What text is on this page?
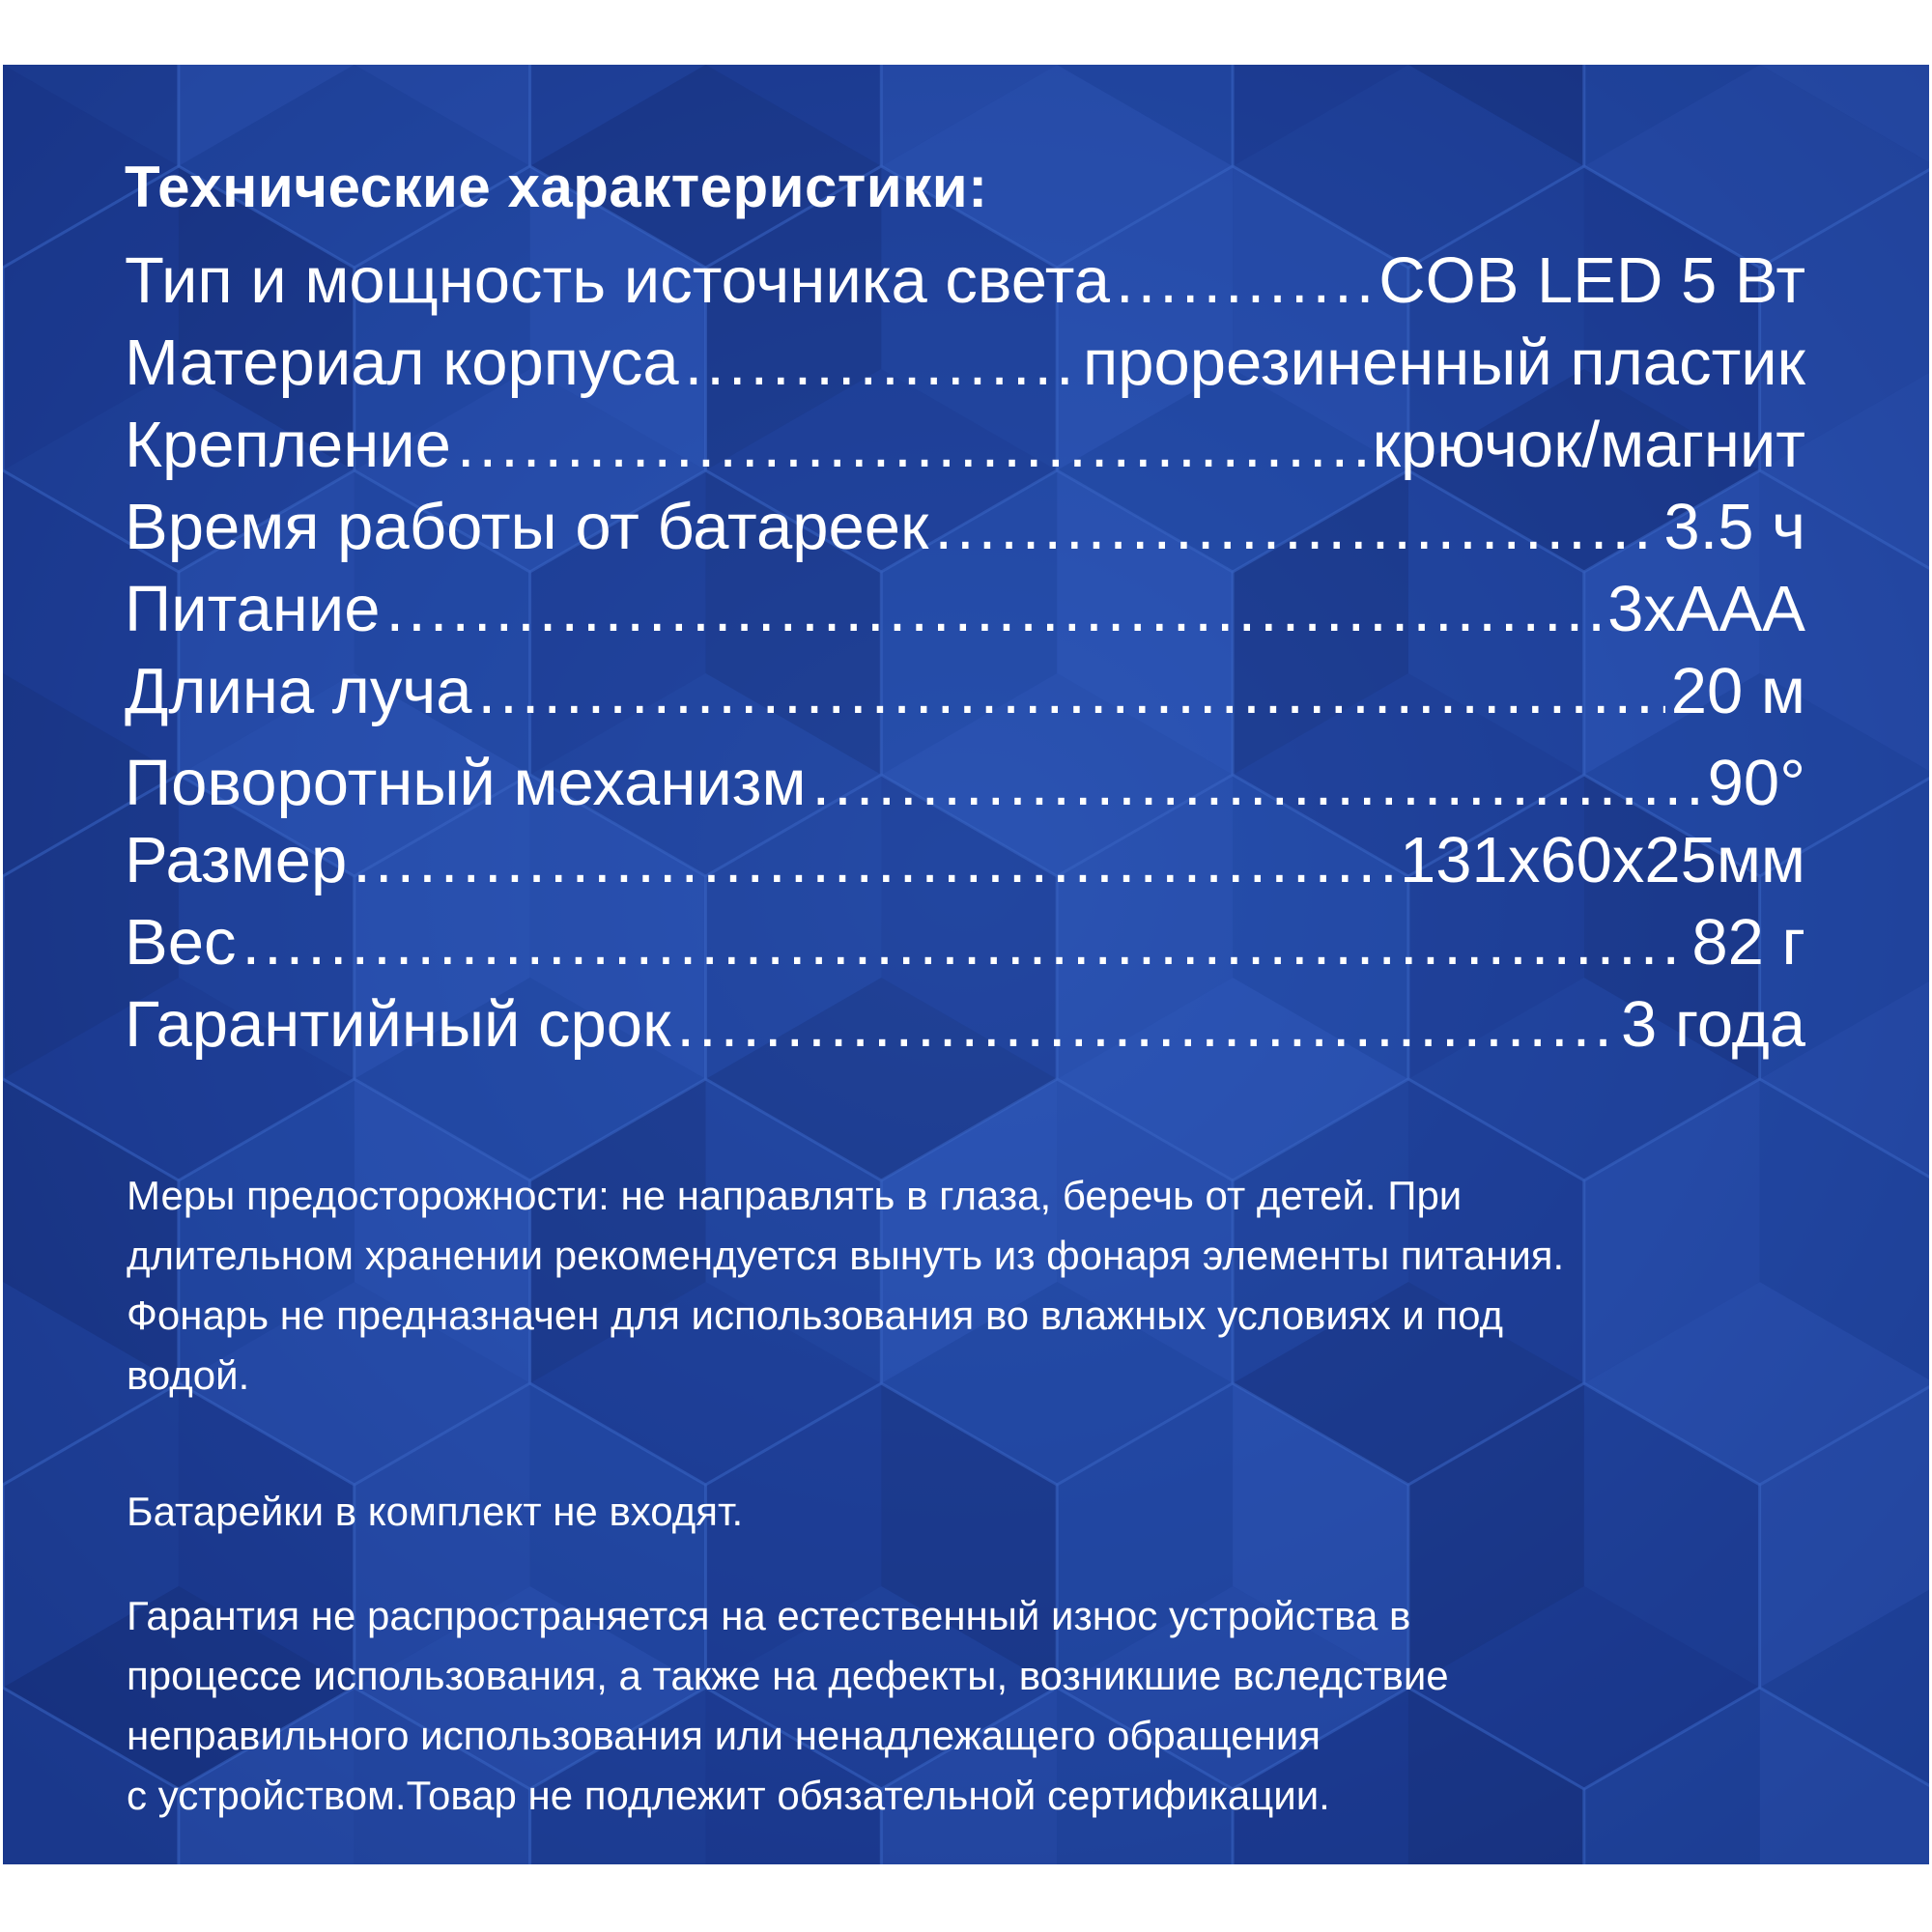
Технические характеристики:
Тип и мощность источника света .....	COB LED 5 Вт
Материал корпуса .....	прорезиненный пластик
Крепление .....	крючок/магнит
Время работы от батареек .....	3.5 ч
Питание .....	3xAAA
Длина луча .....	20 м
Поворотный механизм .....	90°
Размер .....	131x60x25мм
Вес .....	82 г
Гарантийный срок .....	3 года
Меры предосторожности: не направлять в глаза, беречь от детей. При
длительном хранении рекомендуется вынуть из фонаря элементы питания.
Фонарь не предназначен для использования во влажных условиях и под
водой.
Батарейки в комплект не входят.
Гарантия не распространяется на естественный износ устройства в
процессе использования, а также на дефекты, возникшие вследствие
неправильного использования или ненадлежащего обращения
с устройством.Товар не подлежит обязательной сертификации.
